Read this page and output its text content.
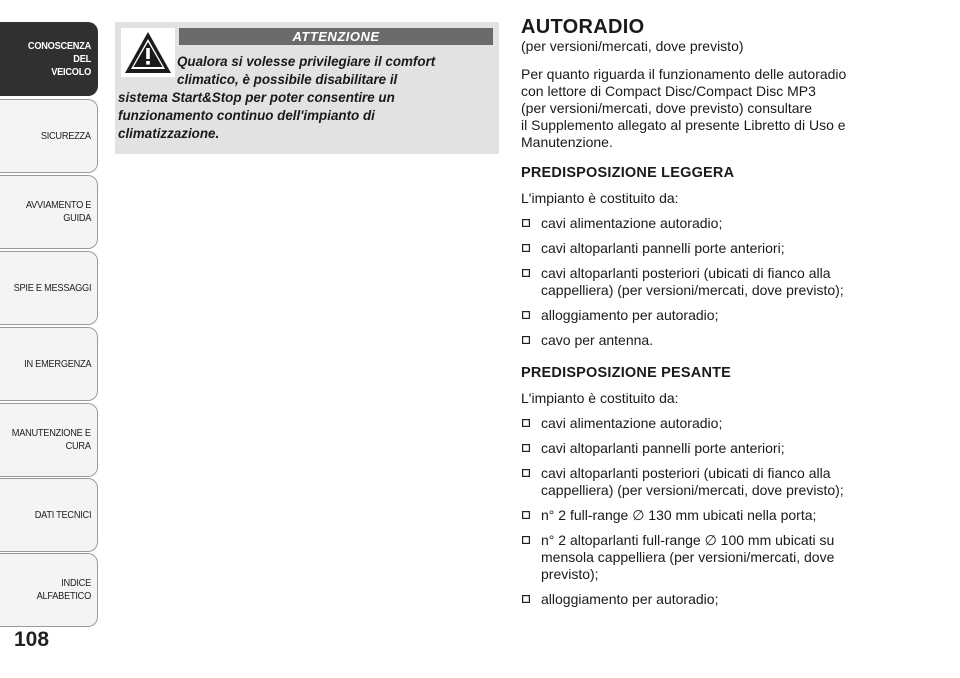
CONOSCENZA DEL
VEICOLO
SICUREZZA
AVVIAMENTO E
GUIDA
SPIE E MESSAGGI
IN EMERGENZA
MANUTENZIONE E
CURA
DATI TECNICI
INDICE ALFABETICO
108
ATTENZIONE
Qualora si volesse privilegiare il comfort
climatico, è possibile disabilitare il
sistema Start&Stop per poter consentire un
funzionamento continuo dell'impianto di
climatizzazione.
AUTORADIO
(per versioni/mercati, dove previsto)
Per quanto riguarda il funzionamento delle autoradio
con lettore di Compact Disc/Compact Disc MP3
(per versioni/mercati, dove previsto) consultare
il Supplemento allegato al presente Libretto di Uso e
Manutenzione.
PREDISPOSIZIONE LEGGERA
L'impianto è costituito da:
cavi alimentazione autoradio;
cavi altoparlanti pannelli porte anteriori;
cavi altoparlanti posteriori (ubicati di fianco alla
cappelliera) (per versioni/mercati, dove previsto);
alloggiamento per autoradio;
cavo per antenna.
PREDISPOSIZIONE PESANTE
L'impianto è costituito da:
cavi alimentazione autoradio;
cavi altoparlanti pannelli porte anteriori;
cavi altoparlanti posteriori (ubicati di fianco alla
cappelliera) (per versioni/mercati, dove previsto);
n° 2 full-range ∅ 130 mm ubicati nella porta;
n° 2 altoparlanti full-range ∅ 100 mm ubicati su
mensola cappelliera (per versioni/mercati, dove
previsto);
alloggiamento per autoradio;
